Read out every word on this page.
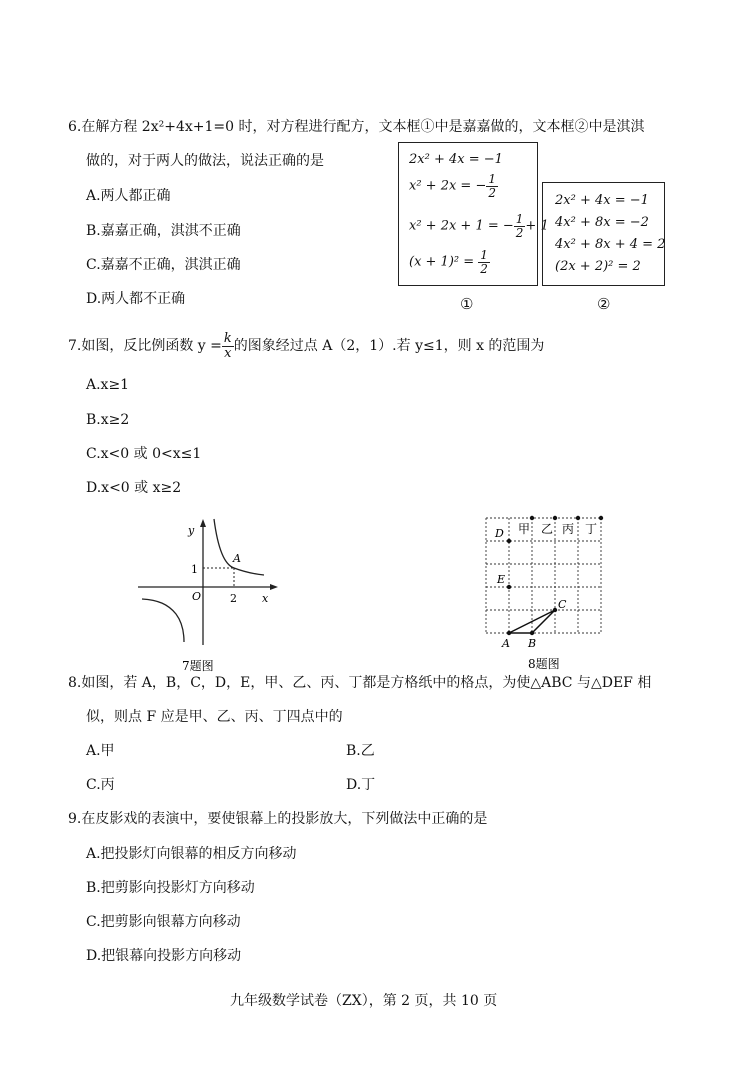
6.在解方程 2x²+4x+1=0 时，对方程进行配方，文本框①中是嘉嘉做的，文本框②中是淇淇
做的，对于两人的做法，说法正确的是
A.两人都正确
B.嘉嘉正确，淇淇不正确
C.嘉嘉不正确，淇淇正确
D.两人都不正确
2x² + 4x = −1
x² + 2x = − $\frac{1}{2}$
x² + 2x + 1 = − $\frac{1}{2} + 1$
$(x + 1)^2 = \frac{1}{2}$
①
2x² + 4x = −1
4x² + 8x = −2
4x² + 8x + 4 = 2
(2x + 2)² = 2
②
7.如图，反比例函数 $y = \frac{k}{x}$ 的图象经过点 A（2，1）.若 y≤1，则 x 的范围为
A.x≥1
B.x≥2
C.x<0 或 0<x≤1
D.x<0 或 x≥2
y
x
O
1
2
A
7题图
甲 乙 丙 丁
D
E
A B
C
8题图
8.如图，若 A，B，C，D，E，甲、乙、丙、丁都是方格纸中的格点，为使△ABC 与△DEF 相
似，则点 F 应是甲、乙、丙、丁四点中的
A.甲	B.乙
C.丙	D.丁
9.在皮影戏的表演中，要使银幕上的投影放大，下列做法中正确的是
A.把投影灯向银幕的相反方向移动
B.把剪影向投影灯方向移动
C.把剪影向银幕方向移动
D.把银幕向投影方向移动
九年级数学试卷（ZX），第 2 页，共 10 页
